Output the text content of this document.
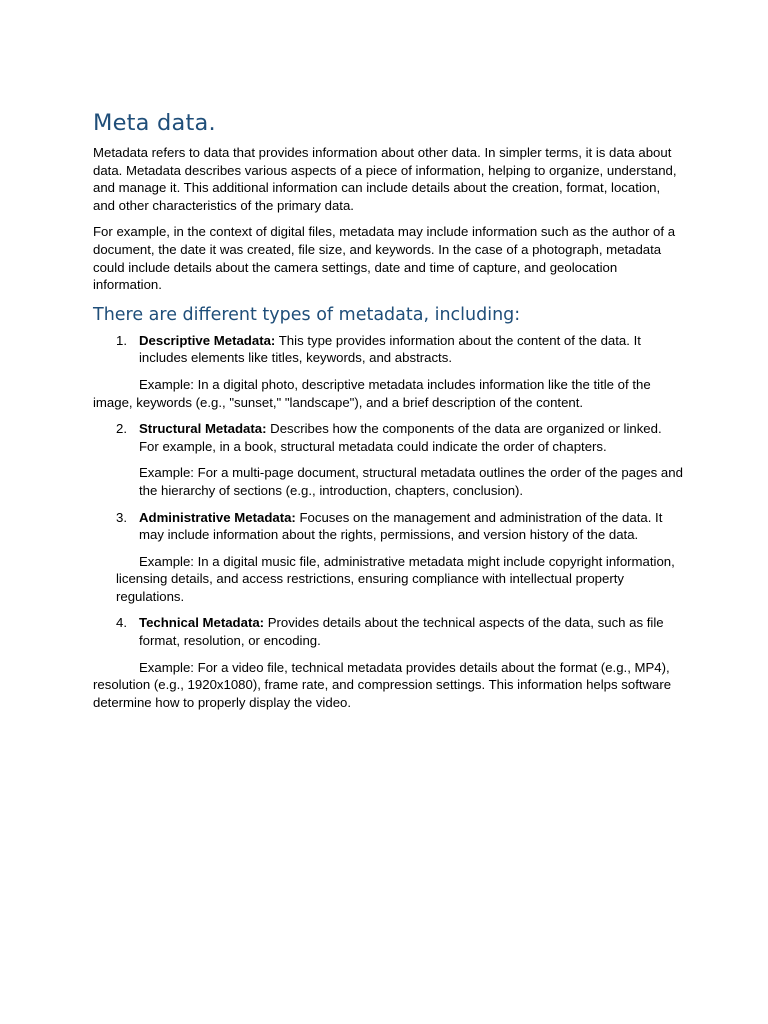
Meta data.

Metadata refers to data that provides information about other data. In simpler terms, it is data about data. Metadata describes various aspects of a piece of information, helping to organize, understand, and manage it. This additional information can include details about the creation, format, location, and other characteristics of the primary data.

For example, in the context of digital files, metadata may include information such as the author of a document, the date it was created, file size, and keywords. In the case of a photograph, metadata could include details about the camera settings, date and time of capture, and geolocation information.

There are different types of metadata, including:

1. Descriptive Metadata: This type provides information about the content of the data. It includes elements like titles, keywords, and abstracts.

Example: In a digital photo, descriptive metadata includes information like the title of the image, keywords (e.g., "sunset," "landscape"), and a brief description of the content.

2. Structural Metadata: Describes how the components of the data are organized or linked. For example, in a book, structural metadata could indicate the order of chapters.

Example: For a multi-page document, structural metadata outlines the order of the pages and the hierarchy of sections (e.g., introduction, chapters, conclusion).

3. Administrative Metadata: Focuses on the management and administration of the data. It may include information about the rights, permissions, and version history of the data.

Example: In a digital music file, administrative metadata might include copyright information, licensing details, and access restrictions, ensuring compliance with intellectual property regulations.

4. Technical Metadata: Provides details about the technical aspects of the data, such as file format, resolution, or encoding.

Example: For a video file, technical metadata provides details about the format (e.g., MP4), resolution (e.g., 1920x1080), frame rate, and compression settings. This information helps software determine how to properly display the video.
